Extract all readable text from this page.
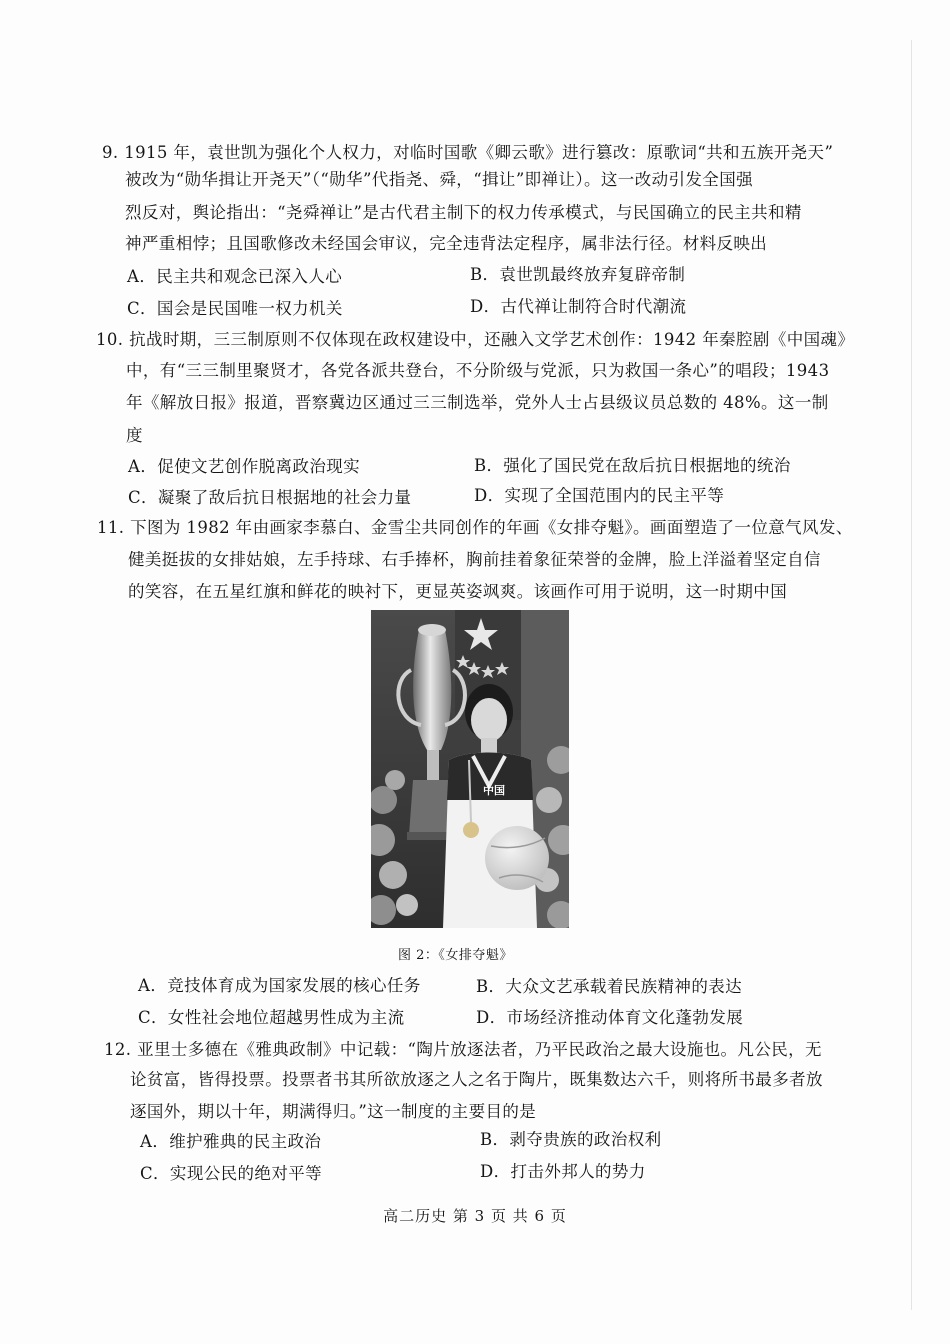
9. 1915 年，袁世凯为强化个人权力，对临时国歌《卿云歌》进行篡改：原歌词“共和五族开尧天”
被改为“勋华揖让开尧天”（“勋华”代指尧、舜，“揖让”即禅让）。这一改动引发全国强
烈反对，舆论指出：“尧舜禅让”是古代君主制下的权力传承模式，与民国确立的民主共和精
神严重相悖；且国歌修改未经国会审议，完全违背法定程序，属非法行径。材料反映出
A．民主共和观念已深入人心	B．袁世凯最终放弃复辟帝制
C．国会是民国唯一权力机关	D．古代禅让制符合时代潮流
10. 抗战时期，三三制原则不仅体现在政权建设中，还融入文学艺术创作：1942 年秦腔剧《中国魂》
中，有“三三制里聚贤才，各党各派共登台，不分阶级与党派，只为救国一条心”的唱段；1943
年《解放日报》报道，晋察冀边区通过三三制选举，党外人士占县级议员总数的 48%。这一制
度
A．促使文艺创作脱离政治现实	B．强化了国民党在敌后抗日根据地的统治
C．凝聚了敌后抗日根据地的社会力量	D．实现了全国范围内的民主平等
11. 下图为 1982 年由画家李慕白、金雪尘共同创作的年画《女排夺魁》。画面塑造了一位意气风发、
健美挺拔的女排姑娘，左手持球、右手捧杯，胸前挂着象征荣誉的金牌，脸上洋溢着坚定自信
的笑容，在五星红旗和鲜花的映衬下，更显英姿飒爽。该画作可用于说明，这一时期中国
中国
图 2：《女排夺魁》
A．竞技体育成为国家发展的核心任务	B．大众文艺承载着民族精神的表达
C．女性社会地位超越男性成为主流	D．市场经济推动体育文化蓬勃发展
12. 亚里士多德在《雅典政制》中记载：“陶片放逐法者，乃平民政治之最大设施也。凡公民，无
论贫富，皆得投票。投票者书其所欲放逐之人之名于陶片，既集数达六千，则将所书最多者放
逐国外，期以十年，期满得归。”这一制度的主要目的是
A．维护雅典的民主政治	B．剥夺贵族的政治权利
C．实现公民的绝对平等	D．打击外邦人的势力
高二历史 第 3 页 共 6 页
